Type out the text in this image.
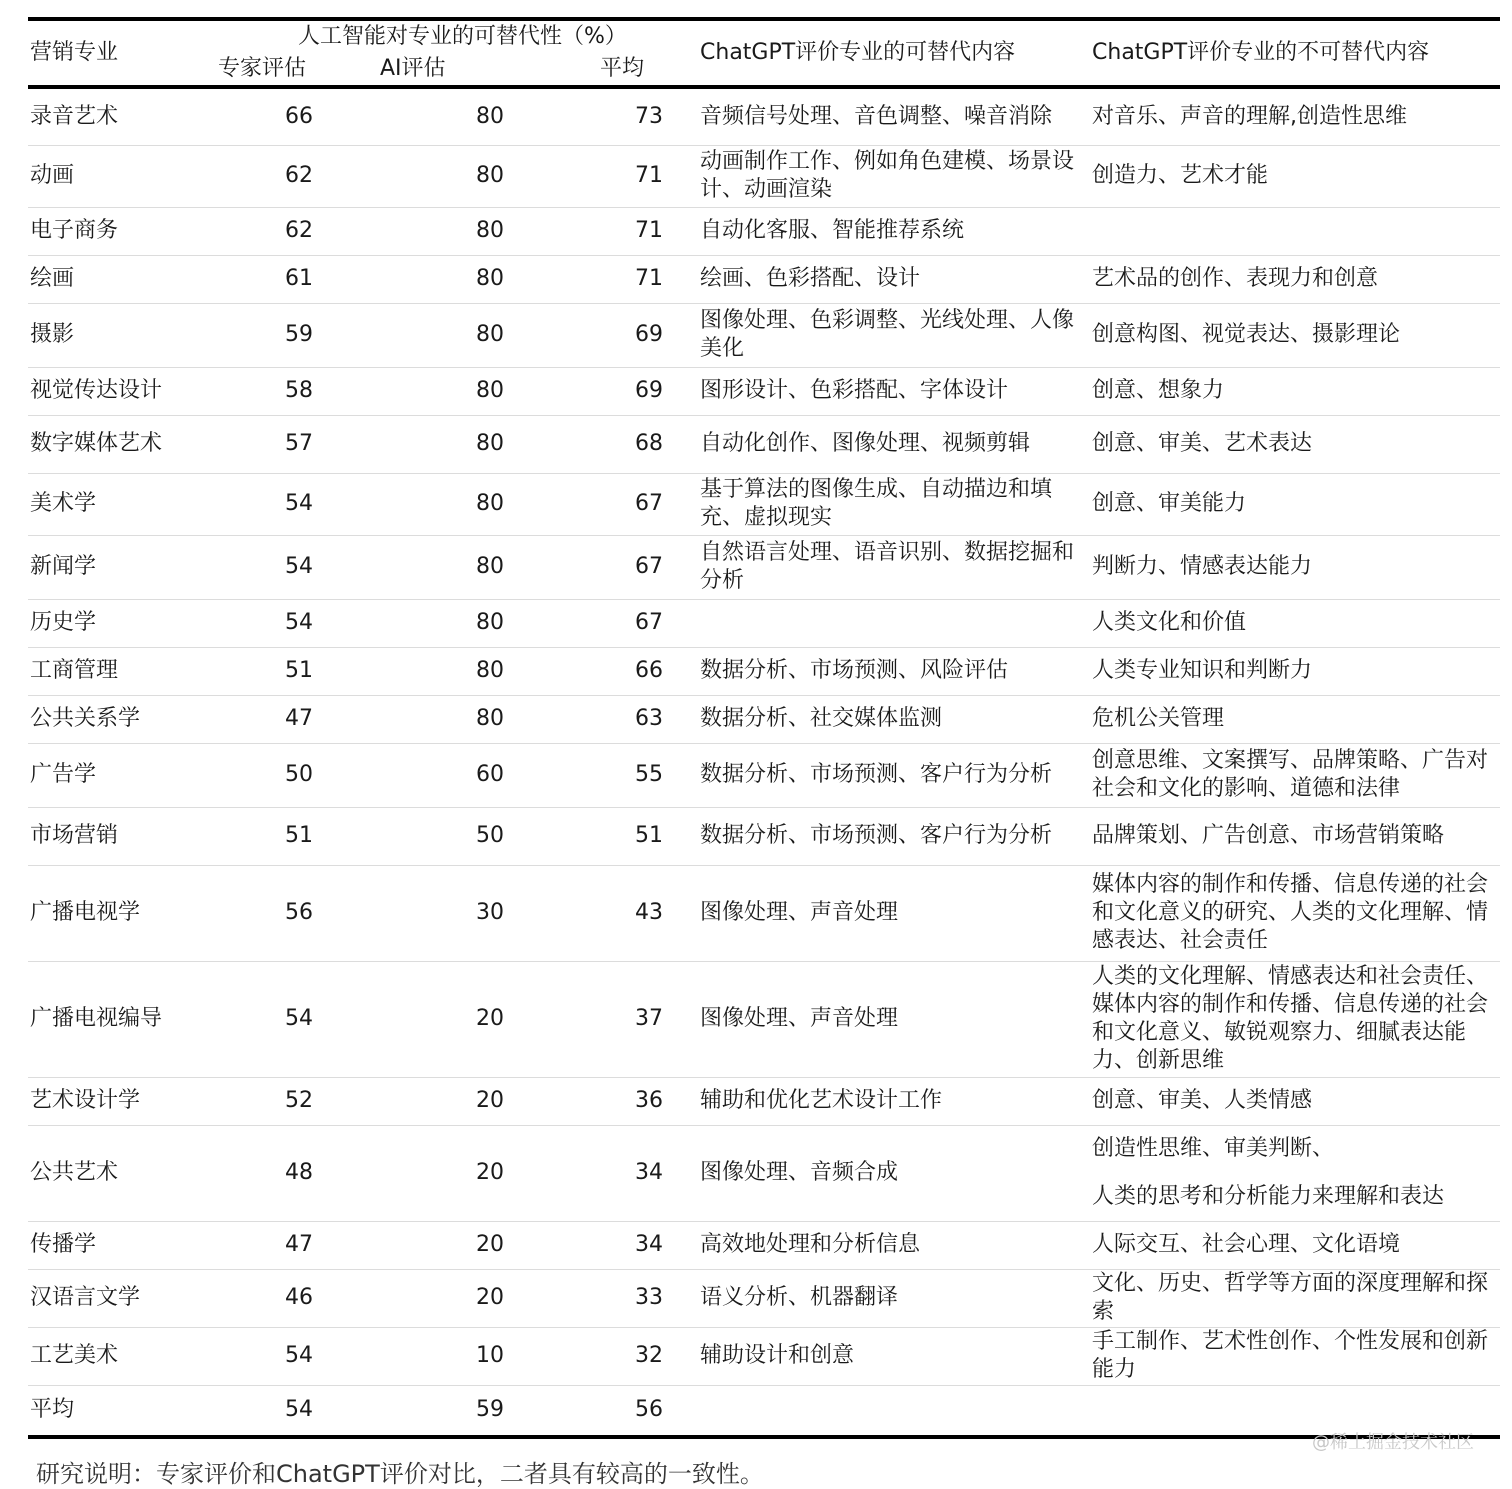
营销专业	人工智能对专业的可替代性（%）			ChatGPT评价专业的可替代内容	ChatGPT评价专业的不可替代内容
	专家评估	AI评估	平均		
录音艺术	66	80	73	音频信号处理、音色调整、噪音消除	对音乐、声音的理解,创造性思维
动画	62	80	71	动画制作工作、例如角色建模、场景设计、动画渲染	创造力、艺术才能
电子商务	62	80	71	自动化客服、智能推荐系统	
绘画	61	80	71	绘画、色彩搭配、设计	艺术品的创作、表现力和创意
摄影	59	80	69	图像处理、色彩调整、光线处理、人像美化	创意构图、视觉表达、摄影理论
视觉传达设计	58	80	69	图形设计、色彩搭配、字体设计	创意、想象力
数字媒体艺术	57	80	68	自动化创作、图像处理、视频剪辑	创意、审美、艺术表达
美术学	54	80	67	基于算法的图像生成、自动描边和填充、虚拟现实	创意、审美能力
新闻学	54	80	67	自然语言处理、语音识别、数据挖掘和分析	判断力、情感表达能力
历史学	54	80	67		人类文化和价值
工商管理	51	80	66	数据分析、市场预测、风险评估	人类专业知识和判断力
公共关系学	47	80	63	数据分析、社交媒体监测	危机公关管理
广告学	50	60	55	数据分析、市场预测、客户行为分析	创意思维、文案撰写、品牌策略、广告对社会和文化的影响、道德和法律
市场营销	51	50	51	数据分析、市场预测、客户行为分析	品牌策划、广告创意、市场营销策略
广播电视学	56	30	43	图像处理、声音处理	媒体内容的制作和传播、信息传递的社会和文化意义的研究、人类的文化理解、情感表达、社会责任
广播电视编导	54	20	37	图像处理、声音处理	人类的文化理解、情感表达和社会责任、媒体内容的制作和传播、信息传递的社会和文化意义、敏锐观察力、细腻表达能力、创新思维
艺术设计学	52	20	36	辅助和优化艺术设计工作	创意、审美、人类情感
公共艺术	48	20	34	图像处理、音频合成	创造性思维、审美判断、
人类的思考和分析能力来理解和表达

传播学	47	20	34	高效地处理和分析信息	人际交互、社会心理、文化语境
汉语言文学	46	20	33	语义分析、机器翻译	文化、历史、哲学等方面的深度理解和探索
工艺美术	54	10	32	辅助设计和创意	手工制作、艺术性创作、个性发展和创新能力
平均	54	59	56		
研究说明：专家评价和ChatGPT评价对比，二者具有较高的一致性。
@稀土掘金技术社区
